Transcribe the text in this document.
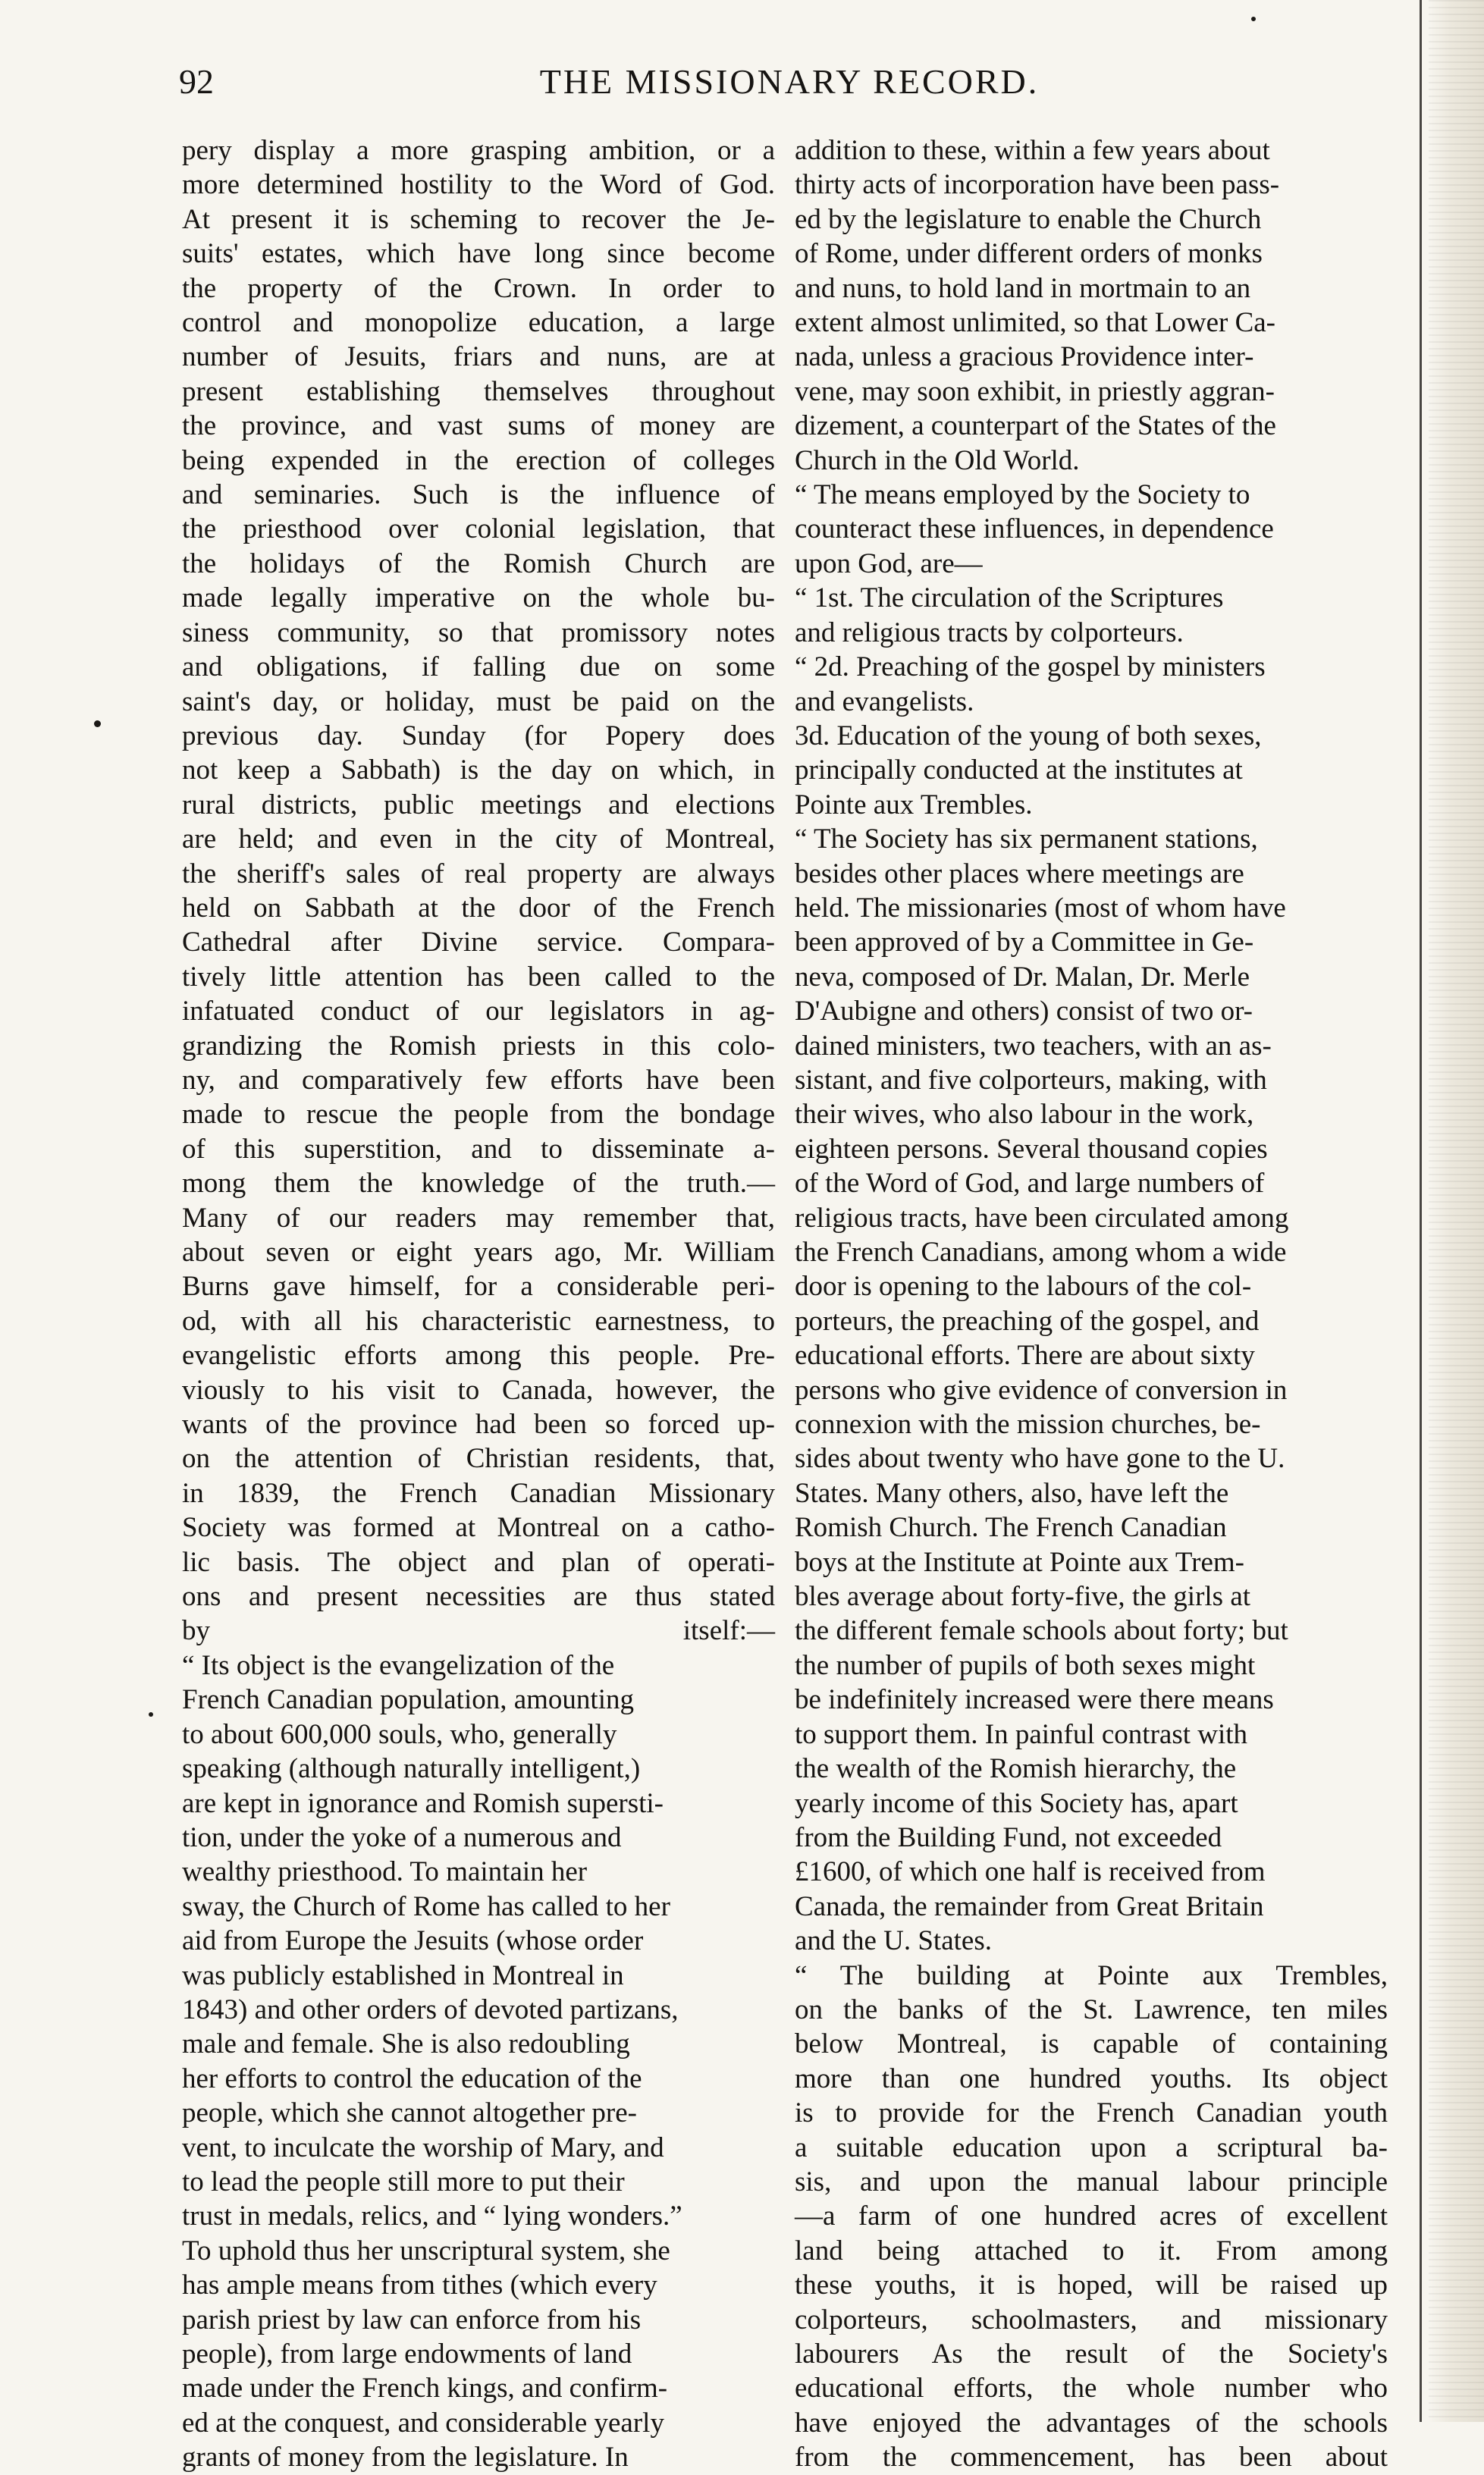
92	THE MISSIONARY RECORD.

pery display a more grasping ambition, or a
more determined hostility to the Word of God.
At present it is scheming to recover the Je-
suits' estates, which have long since become
the property of the Crown. In order to
control and monopolize education, a large
number of Jesuits, friars and nuns, are at
present establishing themselves throughout
the province, and vast sums of money are
being expended in the erection of colleges
and seminaries. Such is the influence of
the priesthood over colonial legislation, that
the holidays of the Romish Church are
made legally imperative on the whole bu-
siness community, so that promissory notes
and obligations, if falling due on some
saint's day, or holiday, must be paid on the
previous day. Sunday (for Popery does
not keep a Sabbath) is the day on which, in
rural districts, public meetings and elections
are held; and even in the city of Montreal,
the sheriff's sales of real property are always
held on Sabbath at the door of the French
Cathedral after Divine service. Compara-
tively little attention has been called to the
infatuated conduct of our legislators in ag-
grandizing the Romish priests in this colo-
ny, and comparatively few efforts have been
made to rescue the people from the bondage
of this superstition, and to disseminate a-
mong them the knowledge of the truth.—
Many of our readers may remember that,
about seven or eight years ago, Mr. William
Burns gave himself, for a considerable peri-
od, with all his characteristic earnestness, to
evangelistic efforts among this people. Pre-
viously to his visit to Canada, however, the
wants of the province had been so forced up-
on the attention of Christian residents, that,
in 1839, the French Canadian Missionary
Society was formed at Montreal on a catho-
lic basis. The object and plan of operati-
ons and present necessities are thus stated
by itself:—

“ Its object is the evangelization of the
French Canadian population, amounting
to about 600,000 souls, who, generally
speaking (although naturally intelligent,)
are kept in ignorance and Romish supersti-
tion, under the yoke of a numerous and
wealthy priesthood. To maintain her
sway, the Church of Rome has called to her
aid from Europe the Jesuits (whose order
was publicly established in Montreal in
1843) and other orders of devoted partizans,
male and female. She is also redoubling
her efforts to control the education of the
people, which she cannot altogether pre-
vent, to inculcate the worship of Mary, and
to lead the people still more to put their
trust in medals, relics, and “ lying wonders.”
To uphold thus her unscriptural system, she
has ample means from tithes (which every
parish priest by law can enforce from his
people), from large endowments of land
made under the French kings, and confirm-
ed at the conquest, and considerable yearly
grants of money from the legislature. In

addition to these, within a few years about
thirty acts of incorporation have been pass-
ed by the legislature to enable the Church
of Rome, under different orders of monks
and nuns, to hold land in mortmain to an
extent almost unlimited, so that Lower Ca-
nada, unless a gracious Providence inter-
vene, may soon exhibit, in priestly aggran-
dizement, a counterpart of the States of the
Church in the Old World.

“ The means employed by the Society to
counteract these influences, in dependence
upon God, are—

“ 1st. The circulation of the Scriptures
and religious tracts by colporteurs.

“ 2d. Preaching of the gospel by ministers
and evangelists.

3d. Education of the young of both sexes,
principally conducted at the institutes at
Pointe aux Trembles.

“ The Society has six permanent stations,
besides other places where meetings are
held. The missionaries (most of whom have
been approved of by a Committee in Ge-
neva, composed of Dr. Malan, Dr. Merle
D'Aubigne and others) consist of two or-
dained ministers, two teachers, with an as-
sistant, and five colporteurs, making, with
their wives, who also labour in the work,
eighteen persons. Several thousand copies
of the Word of God, and large numbers of
religious tracts, have been circulated among
the French Canadians, among whom a wide
door is opening to the labours of the col-
porteurs, the preaching of the gospel, and
educational efforts. There are about sixty
persons who give evidence of conversion in
connexion with the mission churches, be-
sides about twenty who have gone to the U.
States. Many others, also, have left the
Romish Church. The French Canadian
boys at the Institute at Pointe aux Trem-
bles average about forty-five, the girls at
the different female schools about forty; but
the number of pupils of both sexes might
be indefinitely increased were there means
to support them. In painful contrast with
the wealth of the Romish hierarchy, the
yearly income of this Society has, apart
from the Building Fund, not exceeded
£1600, of which one half is received from
Canada, the remainder from Great Britain
and the U. States.

“ The building at Pointe aux Trembles,
on the banks of the St. Lawrence, ten miles
below Montreal, is capable of containing
more than one hundred youths. Its object
is to provide for the French Canadian youth
a suitable education upon a scriptural ba-
sis, and upon the manual labour principle
—a farm of one hundred acres of excellent
land being attached to it. From among
these youths, it is hoped, will be raised up
colporteurs, schoolmasters, and missionary
labourers As the result of the Society's
educational efforts, the whole number who
have enjoyed the advantages of the schools
from the commencement, has been about
